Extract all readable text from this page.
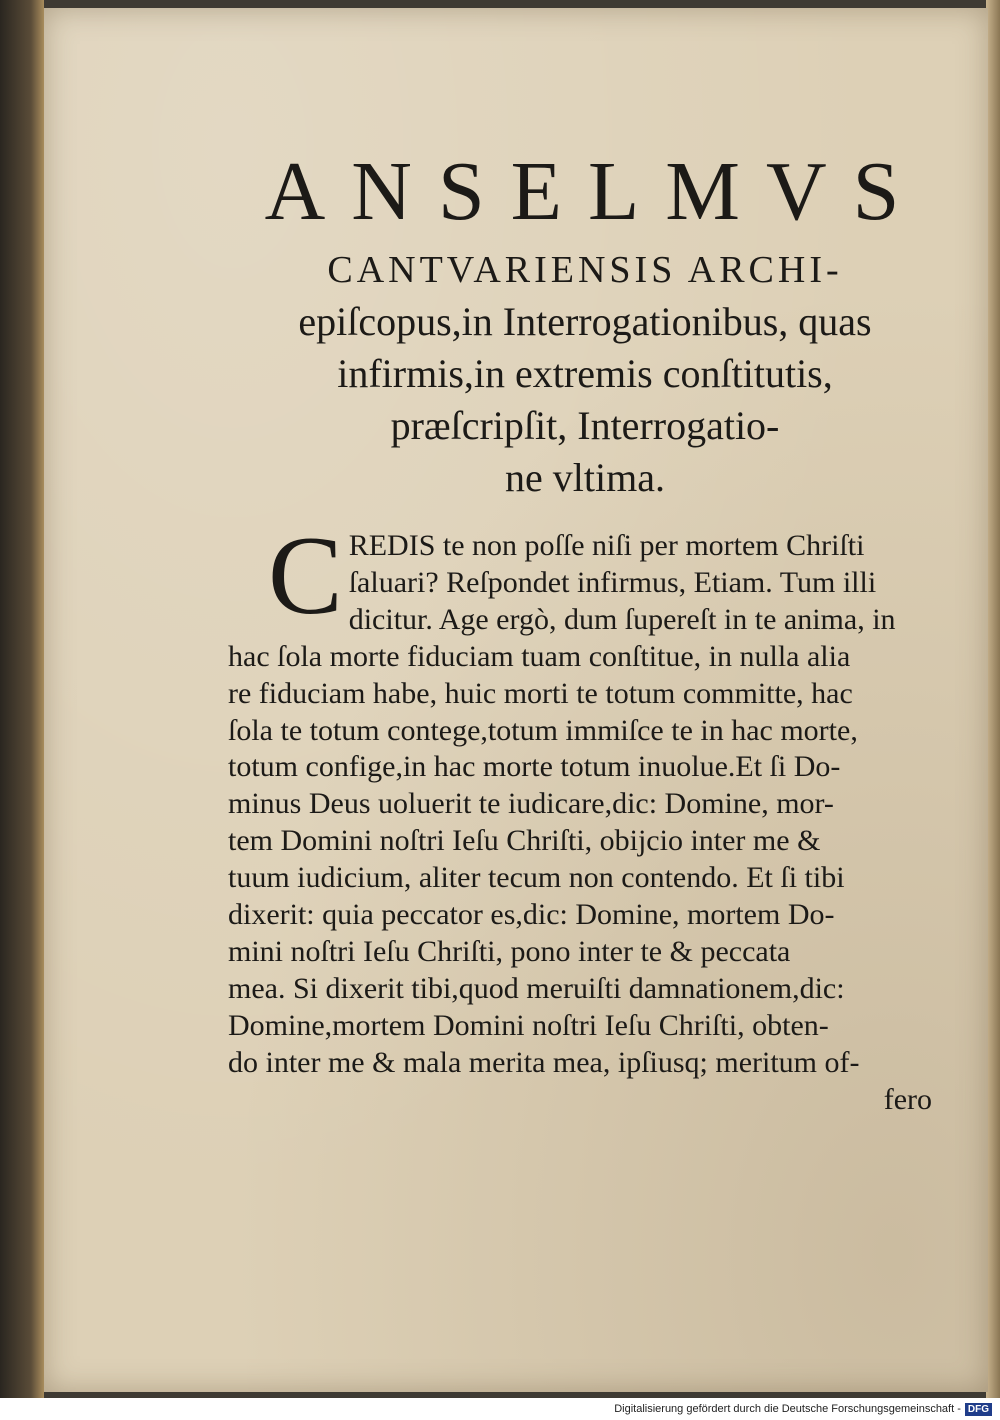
ANSELMVS

CANTVARIENSIS ARCHI-

epiſcopus,in Interrogationibus, quas

infirmis,in extremis conſtitutis,

præſcripſit, Interrogatio-

ne vltima.

C REDIS te non poſſe niſi per mortem Chriſti

ſaluari? Reſpondet infirmus, Etiam. Tum illi

dicitur. Age ergò, dum ſupereſt in te anima, in

hac ſola morte fiduciam tuam conſtitue, in nulla alia

re fiduciam habe, huic morti te totum committe, hac

ſola te totum contege,totum immiſce te in hac morte,

totum confige,in hac morte totum inuolue.Et ſi Do-

minus Deus uoluerit te iudicare,dic: Domine, mor-

tem Domini noſtri Ieſu Chriſti, obijcio inter me &

tuum iudicium, aliter tecum non contendo. Et ſi tibi

dixerit: quia peccator es,dic: Domine, mortem Do-

mini noſtri Ieſu Chriſti, pono inter te & peccata

mea. Si dixerit tibi,quod meruiſti damnationem,dic:

Domine,mortem Domini noſtri Ieſu Chriſti, obten-

do inter me & mala merita mea, ipſiusq; meritum of-

fero

Digitalisierung gefördert durch die Deutsche Forschungsgemeinschaft - DFG
